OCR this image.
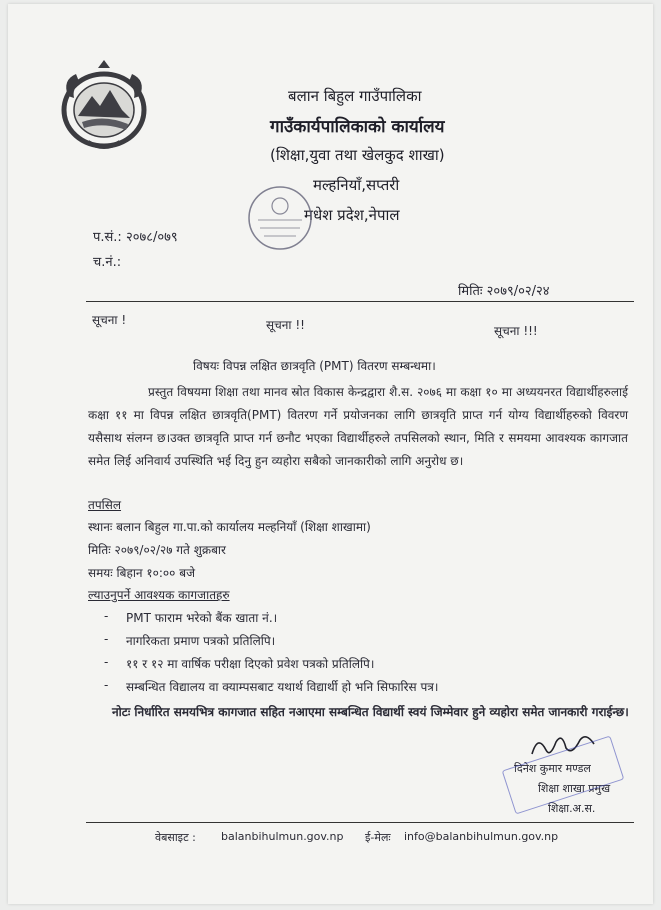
बलान बिहुल गाउँपालिका
गाउँकार्यपालिकाको कार्यालय
(शिक्षा,युवा तथा खेलकुद शाखा)
मल्हनियाँ,सप्तरी
मधेश प्रदेश,नेपाल
प.सं.: २०७८/०७९
च.नं.:
मितिः २०७९/०२/२४
सूचना !	सूचना !!	सूचना !!!
विषयः विपन्न लक्षित छात्रवृति (PMT) वितरण सम्बन्धमा।
प्रस्तुत विषयमा शिक्षा तथा मानव स्रोत विकास केन्द्रद्वारा शै.स. २०७६ मा कक्षा १० मा अध्ययनरत विद्यार्थीहरुलाई कक्षा ११ मा विपन्न लक्षित छात्रवृति(PMT) वितरण गर्ने प्रयोजनका लागि छात्रवृति प्राप्त गर्न योग्य विद्यार्थीहरुको विवरण यसैसाथ संलग्न छ।उक्त छात्रवृति प्राप्त गर्न छनौट भएका विद्यार्थीहरुले तपसिलको स्थान, मिति र समयमा आवश्यक कागजात समेत लिई अनिवार्य उपस्थिति भई दिनु हुन व्यहोरा सबैको जानकारीको लागि अनुरोध छ।
तपसिल
स्थानः बलान बिहुल गा.पा.को कार्यालय मल्हनियाँ (शिक्षा शाखामा)
मितिः २०७९/०२/२७ गते शुक्रबार
समयः बिहान १०:०० बजे
ल्याउनुपर्ने आवश्यक कागजातहरु
- PMT फाराम भरेको बैंक खाता नं.।
- नागरिकता प्रमाण पत्रको प्रतिलिपि।
- ११ र १२ मा वार्षिक परीक्षा दिएको प्रवेश पत्रको प्रतिलिपि।
- सम्बन्धित विद्यालय वा क्याम्पसबाट यथार्थ विद्यार्थी हो भनि सिफारिस पत्र।
नोटः निर्धारित समयभित्र कागजात सहित नआएमा सम्बन्धित विद्यार्थी स्वयं जिम्मेवार हुने व्यहोरा समेत जानकारी गराईन्छ।
दिनेश कुमार मण्डल
शिक्षा शाखा प्रमुख
शिक्षा.अ.स.
वेबसाइट : balanbihulmun.gov.np ई-मेलः info@balanbihulmun.gov.np
